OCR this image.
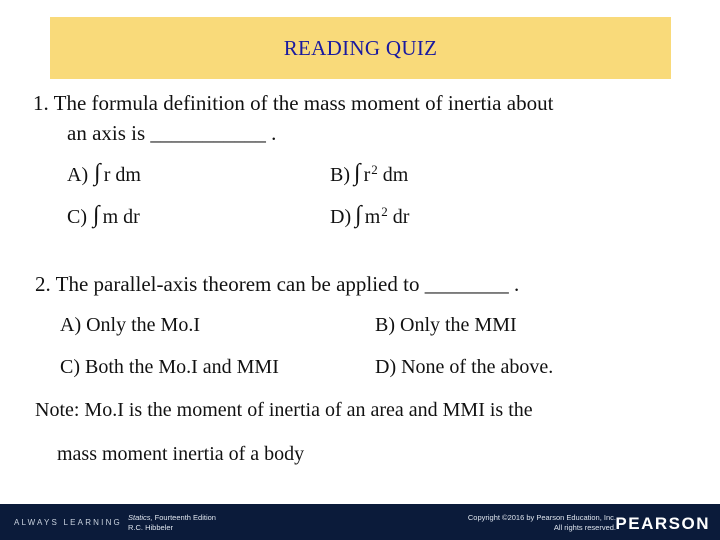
READING QUIZ
1. The formula definition of the mass moment of inertia about
an axis is ___________ .
A) ∫ r dm	B) ∫ $r^2$ dm
C) ∫ m dr	D) ∫ $m^2$ dr
2. The parallel-axis theorem can be applied to ________ .
A) Only the Mo.I	B) Only the MMI
C) Both the Mo.I and MMI	D) None of the above.
Note: Mo.I is the moment of inertia of an area and MMI is the
mass moment inertia of a body
ALWAYS LEARNING
Statics, Fourteenth Edition
R.C. Hibbeler
Copyright ©2016 by Pearson Education, Inc.
All rights reserved. PEARSON
